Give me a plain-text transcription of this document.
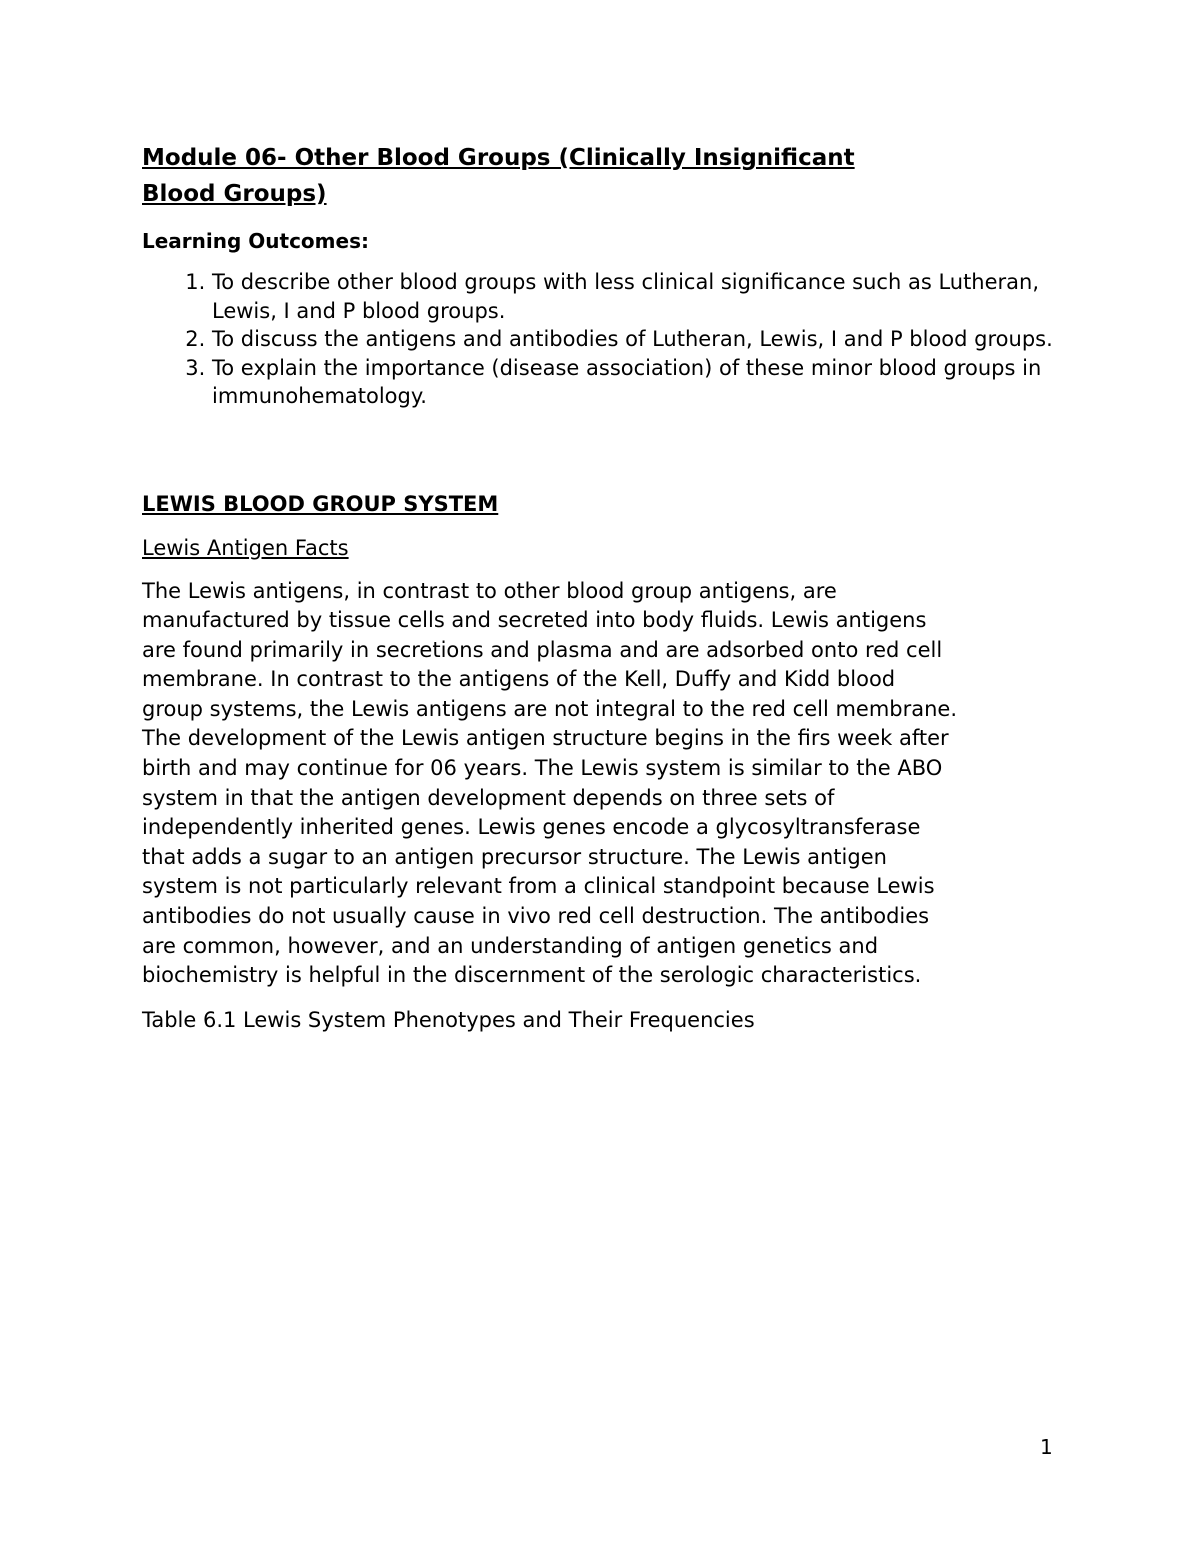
Module 06- Other Blood Groups (Clinically Insignificant
Blood Groups)
Learning Outcomes:
1. To describe other blood groups with less clinical significance such as Lutheran, Lewis, I and P blood groups.
2. To discuss the antigens and antibodies of Lutheran, Lewis, I and P blood groups.
3. To explain the importance (disease association) of these minor blood groups in immunohematology.
LEWIS BLOOD GROUP SYSTEM
Lewis Antigen Facts

The Lewis antigens, in contrast to other blood group antigens, are
manufactured by tissue cells and secreted into body fluids. Lewis antigens
are found primarily in secretions and plasma and are adsorbed onto red cell
membrane. In contrast to the antigens of the Kell, Duffy and Kidd blood
group systems, the Lewis antigens are not integral to the red cell membrane.
The development of the Lewis antigen structure begins in the firs week after
birth and may continue for 06 years. The Lewis system is similar to the ABO
system in that the antigen development depends on three sets of
independently inherited genes. Lewis genes encode a glycosyltransferase
that adds a sugar to an antigen precursor structure. The Lewis antigen
system is not particularly relevant from a clinical standpoint because Lewis
antibodies do not usually cause in vivo red cell destruction. The antibodies
are common, however, and an understanding of antigen genetics and
biochemistry is helpful in the discernment of the serologic characteristics.

Table 6.1 Lewis System Phenotypes and Their Frequencies
1
